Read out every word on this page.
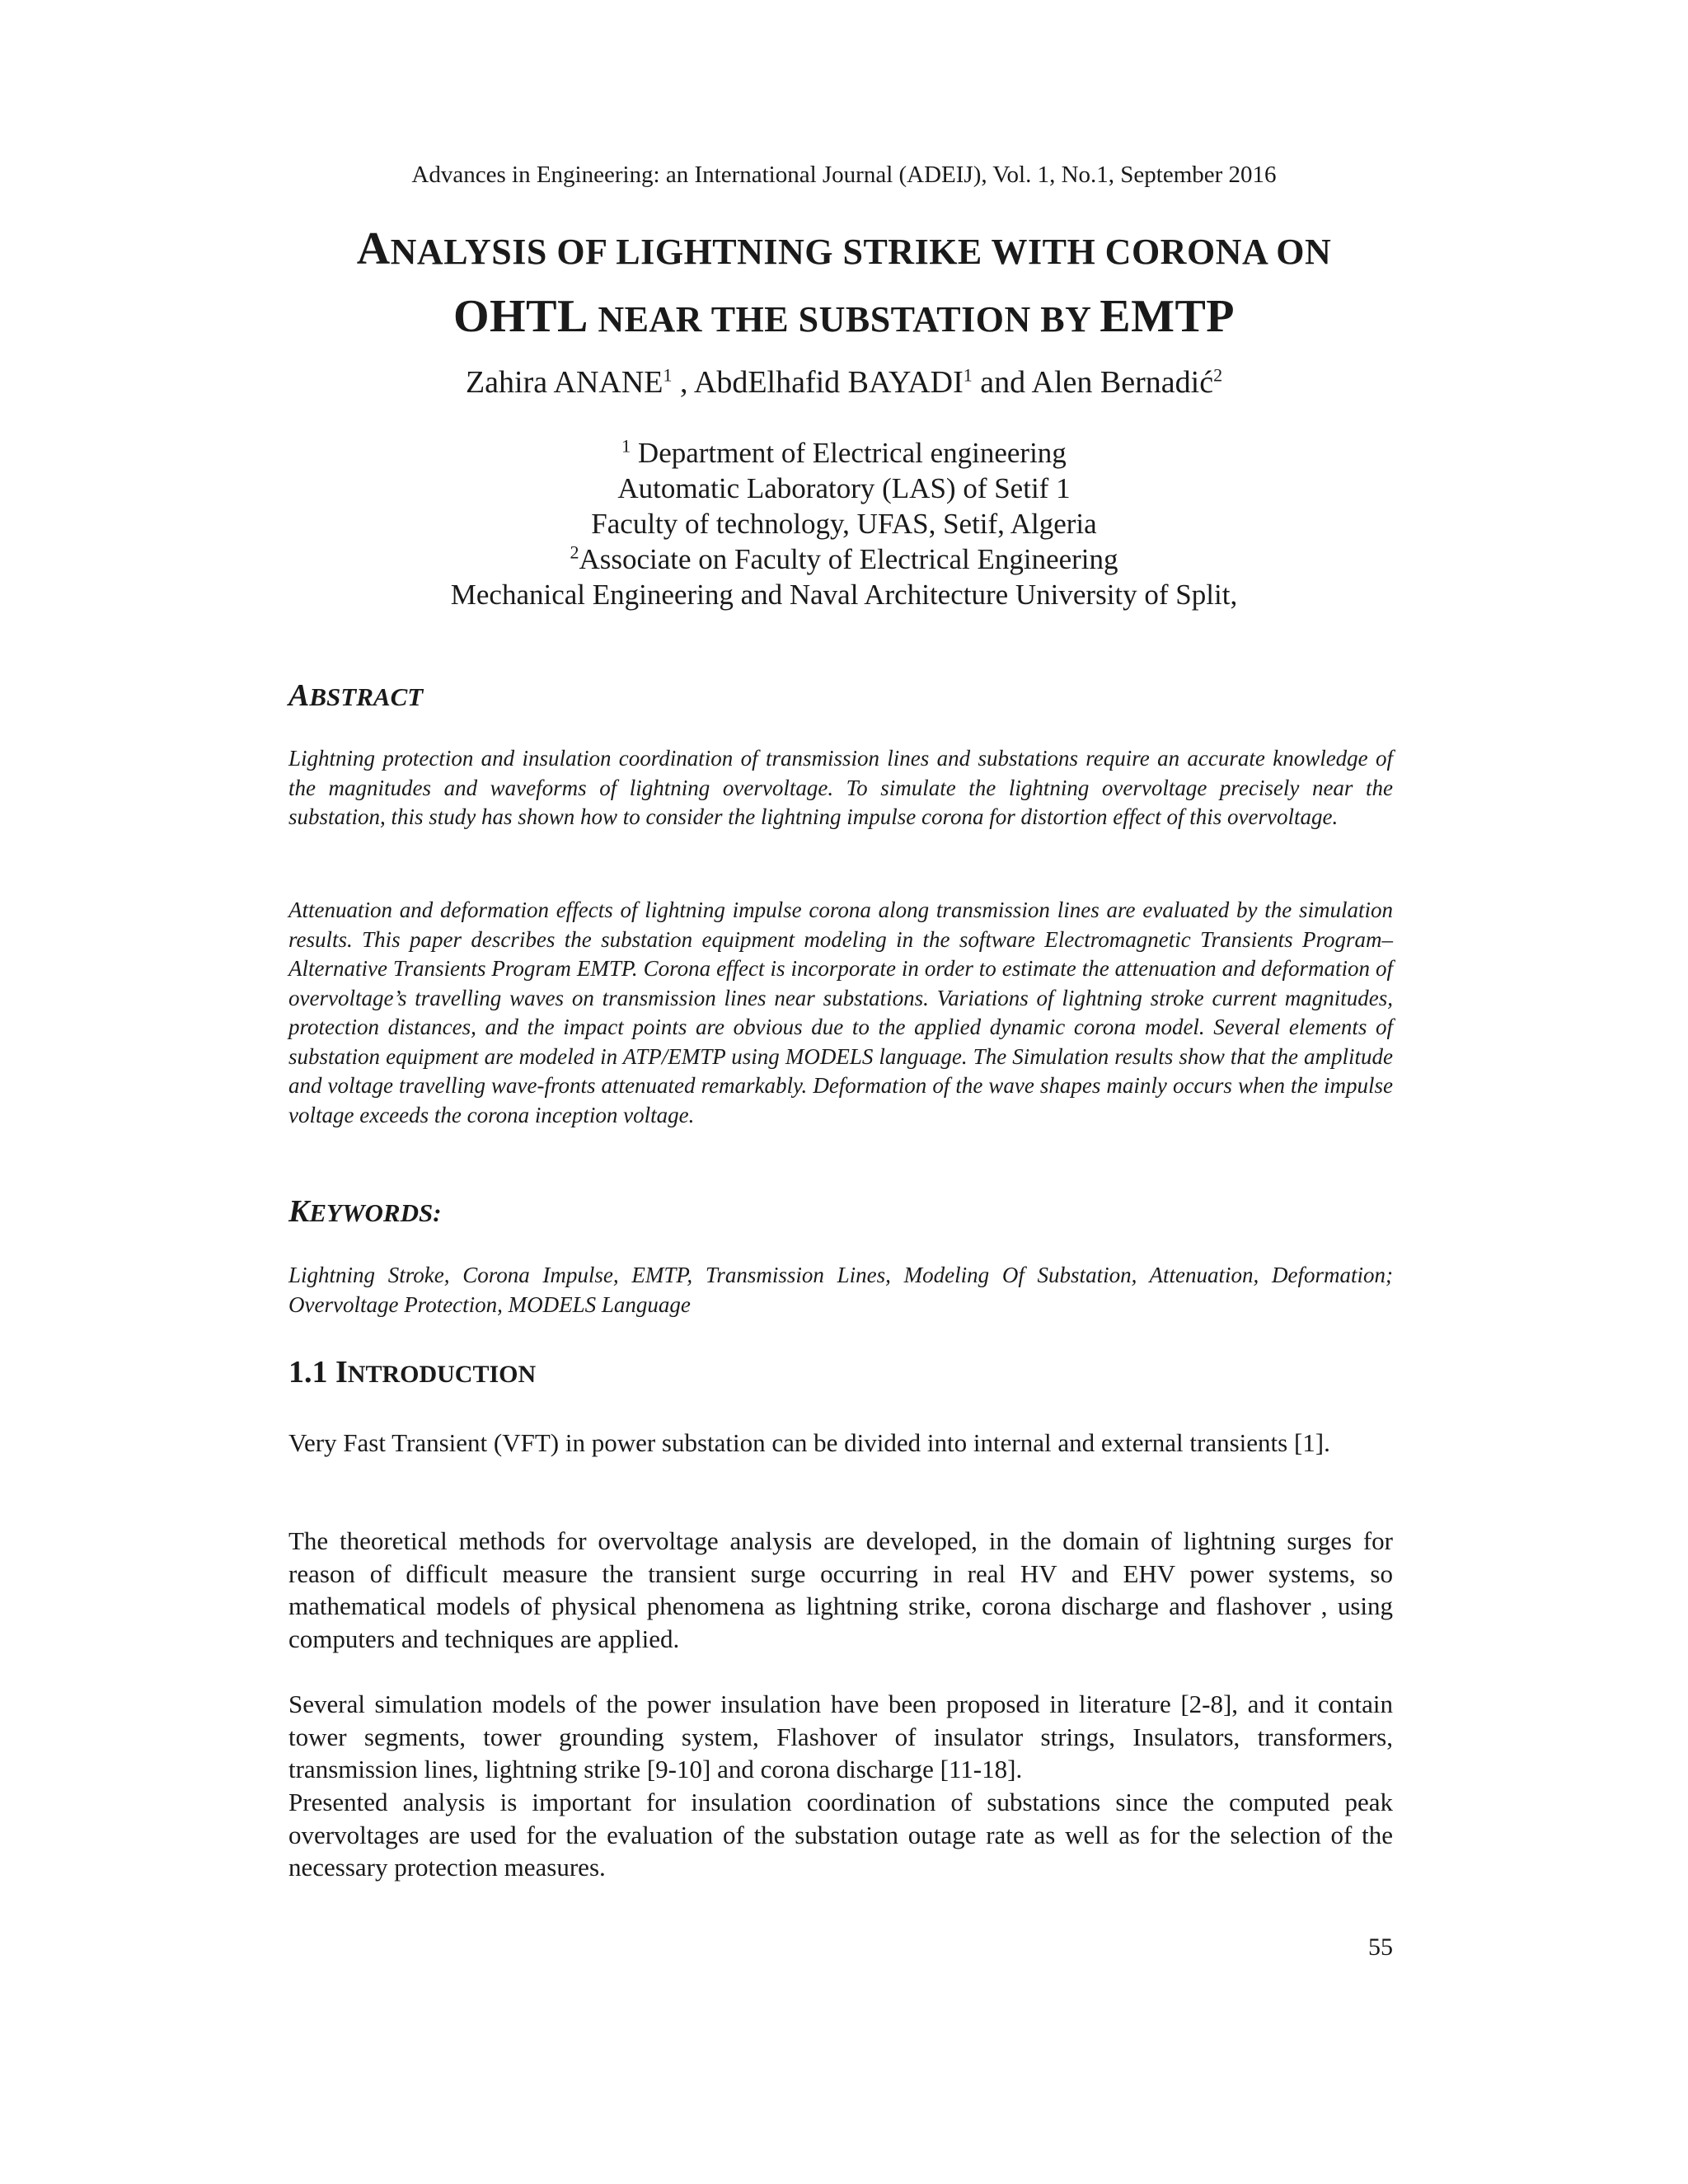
Advances in Engineering: an International Journal (ADEIJ), Vol. 1, No.1, September 2016
ANALYSIS OF LIGHTNING STRIKE WITH CORONA ON
OHTL NEAR THE SUBSTATION BY EMTP
Zahira ANANE$^1$ , AbdElhafid BAYADI$^1$ and Alen Bernadić$^2$
$^1$ Department of Electrical engineering
Automatic Laboratory (LAS) of Setif 1
Faculty of technology, UFAS, Setif, Algeria
$^2$Associate on Faculty of Electrical Engineering
Mechanical Engineering and Naval Architecture University of Split,
ABSTRACT

Lightning protection and insulation coordination of transmission lines and substations require an accurate knowledge of the magnitudes and waveforms of lightning overvoltage. To simulate the lightning overvoltage precisely near the substation, this study has shown how to consider the lightning impulse corona for distortion effect of this overvoltage.

Attenuation and deformation effects of lightning impulse corona along transmission lines are evaluated by the simulation results. This paper describes the substation equipment modeling in the software Electromagnetic Transients Program–Alternative Transients Program EMTP. Corona effect is incorporate in order to estimate the attenuation and deformation of overvoltage’s travelling waves on transmission lines near substations. Variations of lightning stroke current magnitudes, protection distances, and the impact points are obvious due to the applied dynamic corona model. Several elements of substation equipment are modeled in ATP/EMTP using MODELS language. The Simulation results show that the amplitude and voltage travelling wave-fronts attenuated remarkably. Deformation of the wave shapes mainly occurs when the impulse voltage exceeds the corona inception voltage.

KEYWORDS:

Lightning Stroke, Corona Impulse, EMTP, Transmission Lines, Modeling Of Substation, Attenuation, Deformation; Overvoltage Protection, MODELS Language

1.1 INTRODUCTION

Very Fast Transient (VFT) in power substation can be divided into internal and external transients [1].

The theoretical methods for overvoltage analysis are developed, in the domain of lightning surges for reason of difficult measure the transient surge occurring in real HV and EHV power systems, so mathematical models of physical phenomena as lightning strike, corona discharge and flashover , using computers and techniques are applied.

Several simulation models of the power insulation have been proposed in literature [2-8], and it contain tower segments, tower grounding system, Flashover of insulator strings, Insulators, transformers, transmission lines, lightning strike [9-10] and corona discharge [11-18].

Presented analysis is important for insulation coordination of substations since the computed peak overvoltages are used for the evaluation of the substation outage rate as well as for the selection of the necessary protection measures.

55
